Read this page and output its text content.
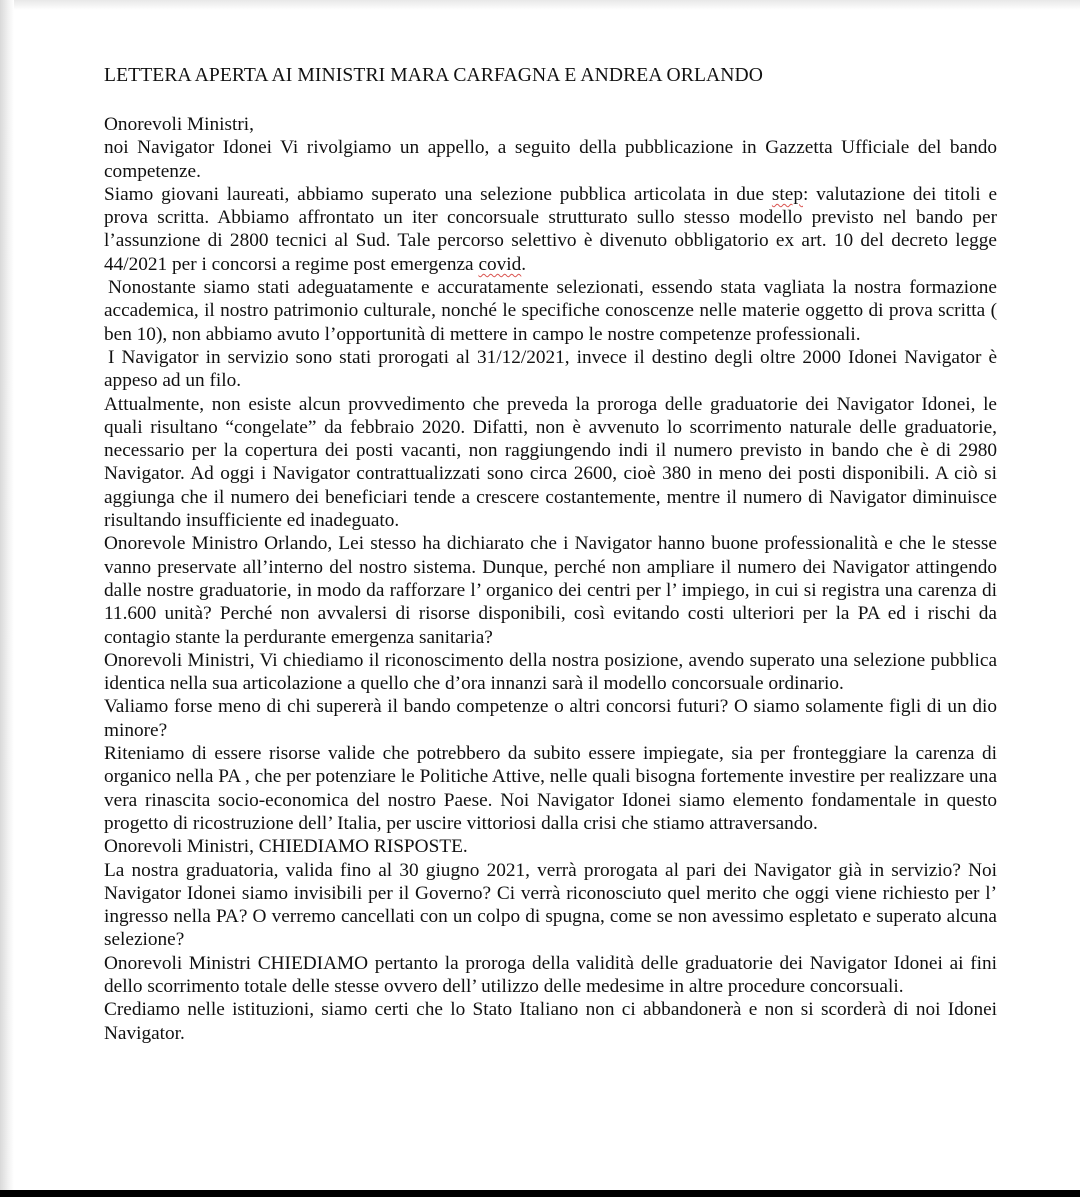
LETTERA APERTA AI MINISTRI MARA CARFAGNA E ANDREA ORLANDO

Onorevoli Ministri,

noi Navigator Idonei Vi rivolgiamo un appello, a seguito della pubblicazione in Gazzetta Ufficiale del bando competenze.

Siamo giovani laureati, abbiamo superato una selezione pubblica articolata in due step: valutazione dei titoli e prova scritta. Abbiamo affrontato un iter concorsuale strutturato sullo stesso modello previsto nel bando per l’assunzione di 2800 tecnici al Sud. Tale percorso selettivo è divenuto obbligatorio ex art. 10 del decreto legge 44/2021 per i concorsi a regime post emergenza covid.

Nonostante siamo stati adeguatamente e accuratamente selezionati, essendo stata vagliata la nostra formazione accademica, il nostro patrimonio culturale, nonché le specifiche conoscenze nelle materie oggetto di prova scritta ( ben 10), non abbiamo avuto l’opportunità di mettere in campo le nostre competenze professionali.

I Navigator in servizio sono stati prorogati al 31/12/2021, invece il destino degli oltre 2000 Idonei Navigator è appeso ad un filo.

Attualmente, non esiste alcun provvedimento che preveda la proroga delle graduatorie dei Navigator Idonei, le quali risultano “congelate” da febbraio 2020. Difatti, non è avvenuto lo scorrimento naturale delle graduatorie, necessario per la copertura dei posti vacanti, non raggiungendo indi il numero previsto in bando che è di 2980 Navigator. Ad oggi i Navigator contrattualizzati sono circa 2600, cioè 380 in meno dei posti disponibili. A ciò si aggiunga che il numero dei beneficiari tende a crescere costantemente, mentre il numero di Navigator diminuisce risultando insufficiente ed inadeguato.

Onorevole Ministro Orlando, Lei stesso ha dichiarato che i Navigator hanno buone professionalità e che le stesse vanno preservate all’interno del nostro sistema. Dunque, perché non ampliare il numero dei Navigator attingendo dalle nostre graduatorie, in modo da rafforzare l’ organico dei centri per l’ impiego, in cui si registra una carenza di 11.600 unità? Perché non avvalersi di risorse disponibili, così evitando costi ulteriori per la PA ed i rischi da contagio stante la perdurante emergenza sanitaria?

Onorevoli Ministri, Vi chiediamo il riconoscimento della nostra posizione, avendo superato una selezione pubblica identica nella sua articolazione a quello che d’ora innanzi sarà il modello concorsuale ordinario.

Valiamo forse meno di chi supererà il bando competenze o altri concorsi futuri? O siamo solamente figli di un dio minore?

Riteniamo di essere risorse valide che potrebbero da subito essere impiegate, sia per fronteggiare la carenza di organico nella PA , che per potenziare le Politiche Attive, nelle quali bisogna fortemente investire per realizzare una vera rinascita socio-economica del nostro Paese. Noi Navigator Idonei siamo elemento fondamentale in questo progetto di ricostruzione dell’ Italia, per uscire vittoriosi dalla crisi che stiamo attraversando.

Onorevoli Ministri, CHIEDIAMO RISPOSTE.

La nostra graduatoria, valida fino al 30 giugno 2021, verrà prorogata al pari dei Navigator già in servizio? Noi Navigator Idonei siamo invisibili per il Governo? Ci verrà riconosciuto quel merito che oggi viene richiesto per l’ ingresso nella PA? O verremo cancellati con un colpo di spugna, come se non avessimo espletato e superato alcuna selezione?

Onorevoli Ministri CHIEDIAMO pertanto la proroga della validità delle graduatorie dei Navigator Idonei ai fini dello scorrimento totale delle stesse ovvero dell’ utilizzo delle medesime in altre procedure concorsuali.

Crediamo nelle istituzioni, siamo certi che lo Stato Italiano non ci abbandonerà e non si scorderà di noi Idonei Navigator.
